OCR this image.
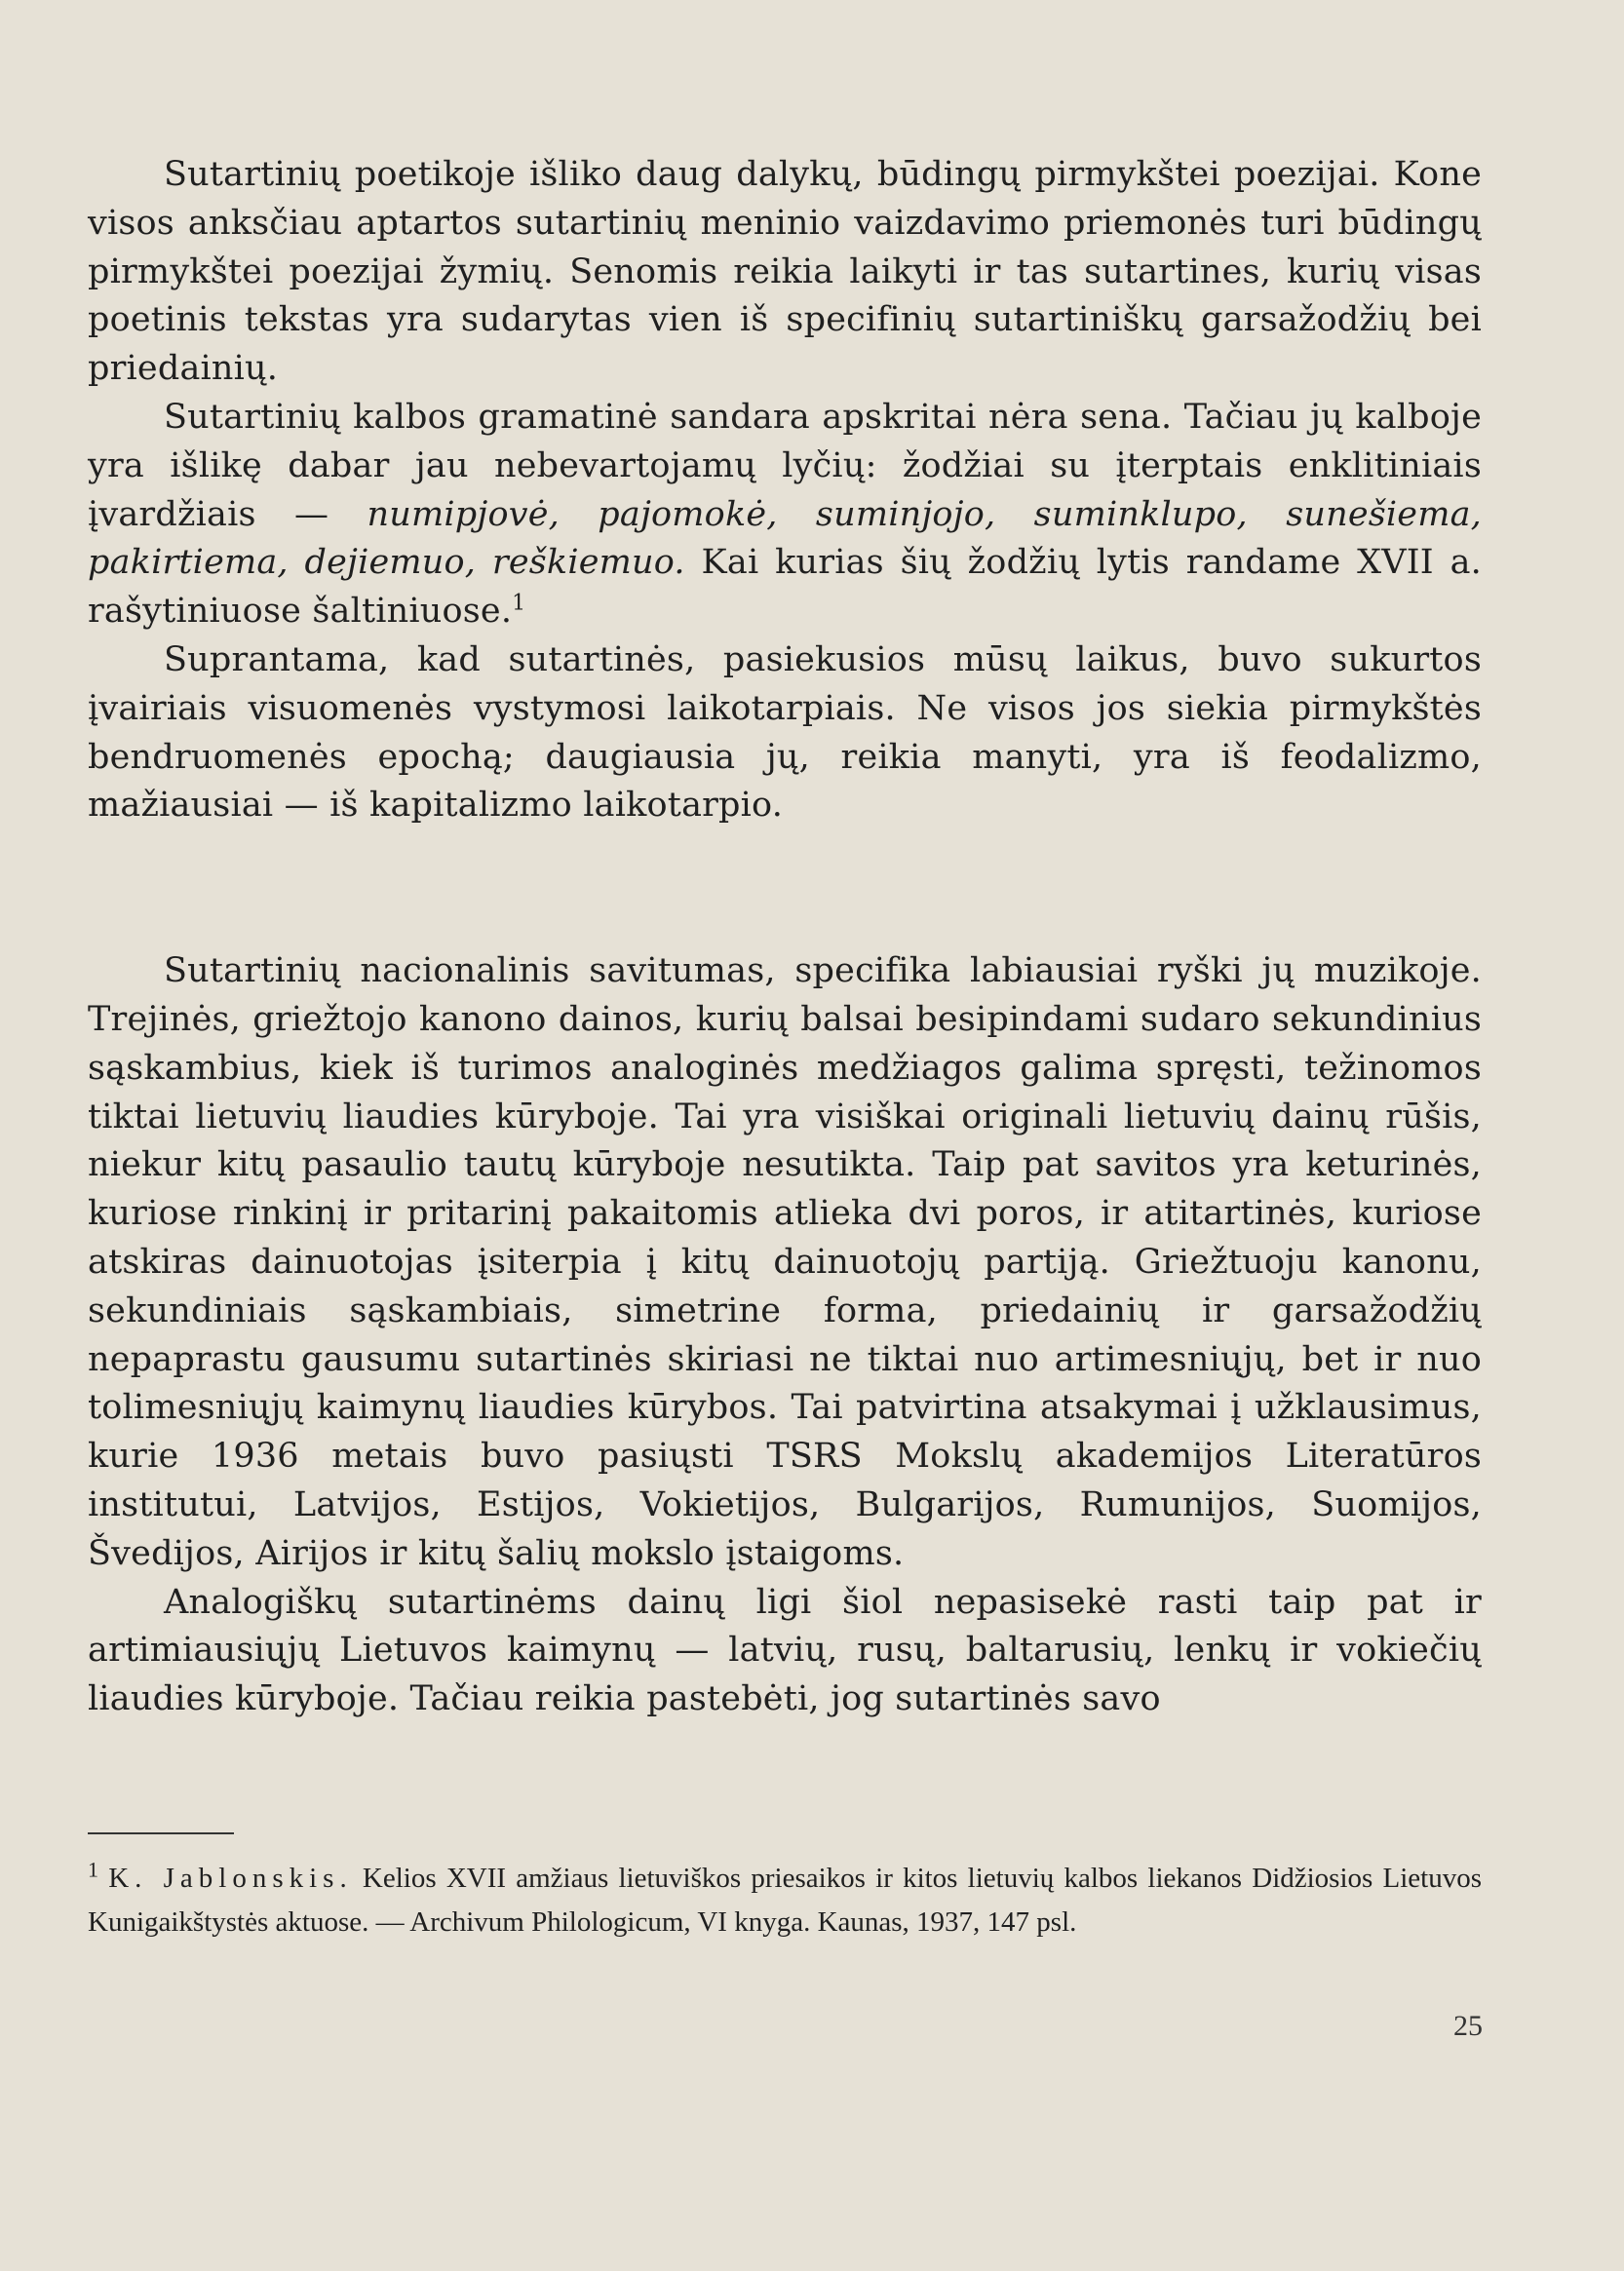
Sutartinių poetikoje išliko daug dalykų, būdingų pirmykštei poezijai. Kone visos anksčiau aptartos sutartinių meninio vaizdavimo priemonės turi būdingų pirmykštei poezijai žymių. Senomis reikia laikyti ir tas sutartines, kurių visas poetinis tekstas yra sudarytas vien iš specifinių sutartiniškų garsažodžių bei priedainių.

Sutartinių kalbos gramatinė sandara apskritai nėra sena. Tačiau jų kalboje yra išlikę dabar jau nebevartojamų lyčių: žodžiai su įterptais enklitiniais įvardžiais — numipjovė, pajomokė, suminjojo, suminklupo, sunešiema, pakirtiema, dejiemuo, reškiemuo. Kai kurias šių žodžių lytis randame XVII a. rašytiniuose šaltiniuose.$^1$

Suprantama, kad sutartinės, pasiekusios mūsų laikus, buvo sukurtos įvairiais visuomenės vystymosi laikotarpiais. Ne visos jos siekia pirmykštės bendruomenės epochą; daugiausia jų, reikia manyti, yra iš feodalizmo, mažiausiai — iš kapitalizmo laikotarpio.

Sutartinių nacionalinis savitumas, specifika labiausiai ryški jų muzikoje. Trejinės, griežtojo kanono dainos, kurių balsai besipindami sudaro sekundinius sąskambius, kiek iš turimos analoginės medžiagos galima spręsti, težinomos tiktai lietuvių liaudies kūryboje. Tai yra visiškai originali lietuvių dainų rūšis, niekur kitų pasaulio tautų kūryboje nesutikta. Taip pat savitos yra keturinės, kuriose rinkinį ir pritarinį pakaitomis atlieka dvi poros, ir atitartinės, kuriose atskiras dainuotojas įsiterpia į kitų dainuotojų partiją. Griežtuoju kanonu, sekundiniais sąskambiais, simetrine forma, priedainių ir garsažodžių nepaprastu gausumu sutartinės skiriasi ne tiktai nuo artimesniųjų, bet ir nuo tolimesniųjų kaimynų liaudies kūrybos. Tai patvirtina atsakymai į užklausimus, kurie 1936 metais buvo pasiųsti TSRS Mokslų akademijos Literatūros institutui, Latvijos, Estijos, Vokietijos, Bulgarijos, Rumunijos, Suomijos, Švedijos, Airijos ir kitų šalių mokslo įstaigoms.

Analogiškų sutartinėms dainų ligi šiol nepasisekė rasti taip pat ir artimiausiųjų Lietuvos kaimynų — latvių, rusų, baltarusių, lenkų ir vokiečių liaudies kūryboje. Tačiau reikia pastebėti, jog sutartinės savo

$^1$ K. Jablonskis. Kelios XVII amžiaus lietuviškos priesaikos ir kitos lietuvių kalbos liekanos Didžiosios Lietuvos Kunigaikštystės aktuose. — Archivum Philologicum, VI knyga. Kaunas, 1937, 147 psl.
25
